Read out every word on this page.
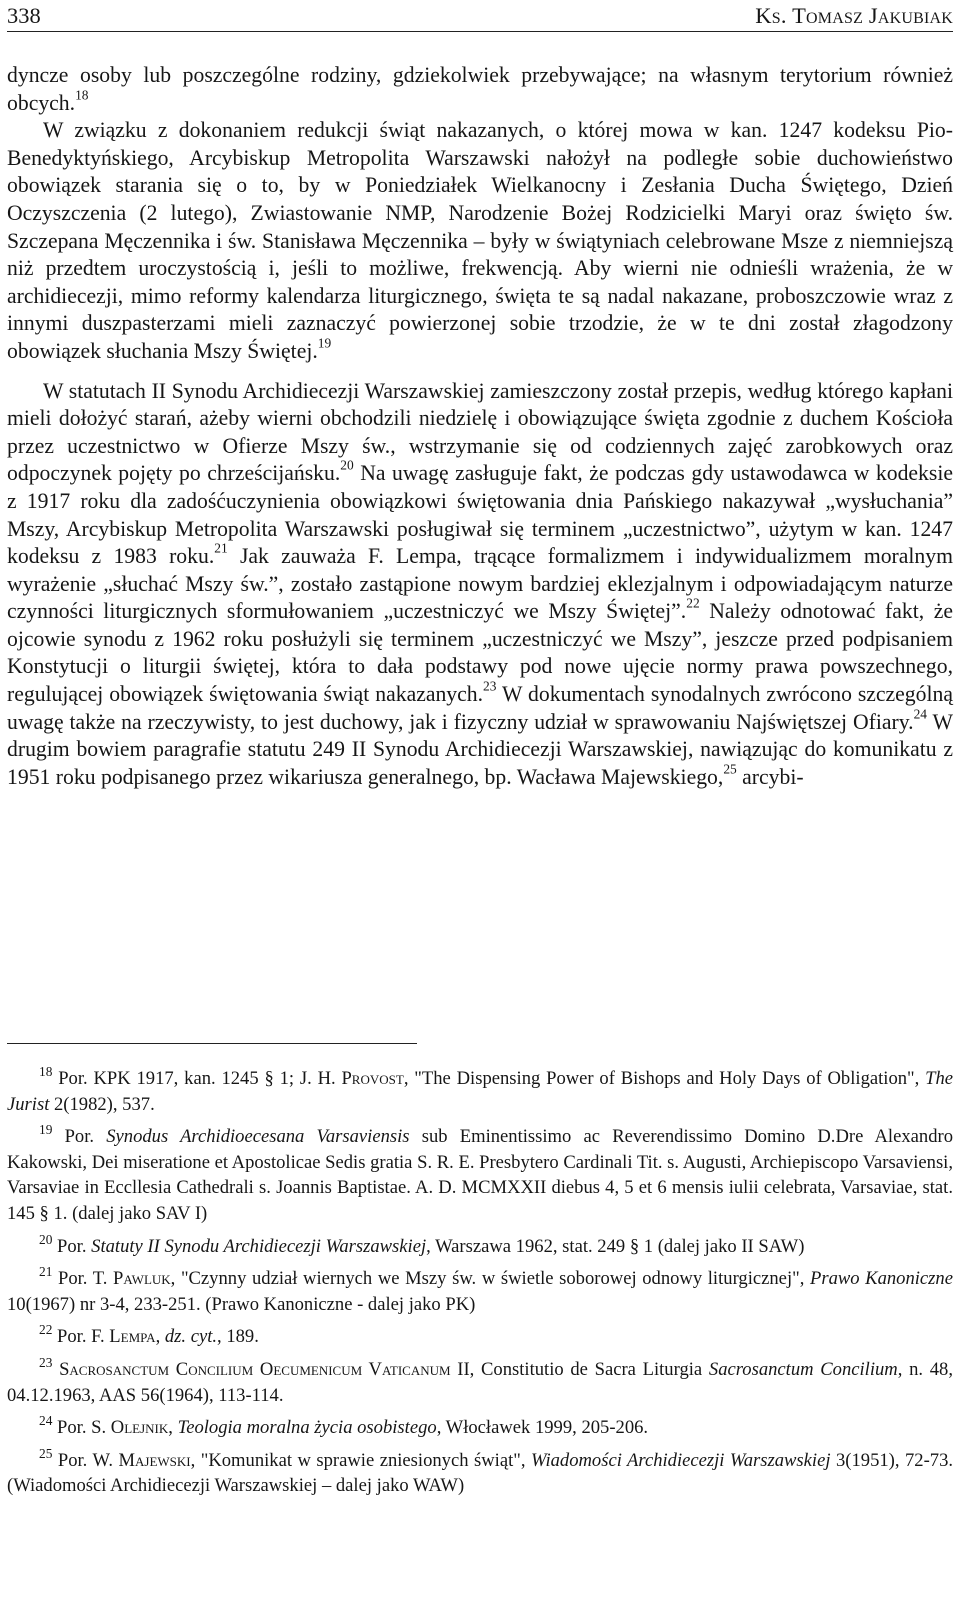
338	Ks. Tomasz Jakubiak

dyncze osoby lub poszczególne rodziny, gdziekolwiek przebywające; na własnym terytorium również obcych.$^{18}$

W związku z dokonaniem redukcji świąt nakazanych, o której mowa w kan. 1247 kodeksu Pio-Benedyktyńskiego, Arcybiskup Metropolita Warszawski nałożył na podległe sobie duchowieństwo obowiązek starania się o to, by w Poniedziałek Wielkanocny i Zesłania Ducha Świętego, Dzień Oczyszczenia (2 lutego), Zwiastowanie NMP, Narodzenie Bożej Rodzicielki Maryi oraz święto św. Szczepana Męczennika i św. Stanisława Męczennika – były w świątyniach celebrowane Msze z niemniejszą niż przedtem uroczystością i, jeśli to możliwe, frekwencją. Aby wierni nie odnieśli wrażenia, że w archidiecezji, mimo reformy kalendarza liturgicznego, święta te są nadal nakazane, proboszczowie wraz z innymi duszpasterzami mieli zaznaczyć powierzonej sobie trzodzie, że w te dni został złagodzony obowiązek słuchania Mszy Świętej.$^{19}$

W statutach II Synodu Archidiecezji Warszawskiej zamieszczony został przepis, według którego kapłani mieli dołożyć starań, ażeby wierni obchodzili niedzielę i obowiązujące święta zgodnie z duchem Kościoła przez uczestnictwo w Ofierze Mszy św., wstrzymanie się od codziennych zajęć zarobkowych oraz odpoczynek pojęty po chrześcijańsku.$^{20}$ Na uwagę zasługuje fakt, że podczas gdy ustawodawca w kodeksie z 1917 roku dla zadośćuczynienia obowiązkowi świętowania dnia Pańskiego nakazywał „wysłuchania” Mszy, Arcybiskup Metropolita Warszawski posługiwał się terminem „uczestnictwo”, użytym w kan. 1247 kodeksu z 1983 roku.$^{21}$ Jak zauważa F. Lempa, trącące formalizmem i indywidualizmem moralnym wyrażenie „słuchać Mszy św.”, zostało zastąpione nowym bardziej eklezjalnym i odpowiadającym naturze czynności liturgicznych sformułowaniem „uczestniczyć we Mszy Świętej”.$^{22}$ Należy odnotować fakt, że ojcowie synodu z 1962 roku posłużyli się terminem „uczestniczyć we Mszy”, jeszcze przed podpisaniem Konstytucji o liturgii świętej, która to dała podstawy pod nowe ujęcie normy prawa powszechnego, regulującej obowiązek świętowania świąt nakazanych.$^{23}$ W dokumentach synodalnych zwrócono szczególną uwagę także na rzeczywisty, to jest duchowy, jak i fizyczny udział w sprawowaniu Najświętszej Ofiary.$^{24}$ W drugim bowiem paragrafie statutu 249 II Synodu Archidiecezji Warszawskiej, nawiązując do komunikatu z 1951 roku podpisanego przez wikariusza generalnego, bp. Wacława Majewskiego,$^{25}$ arcybi-

$^{18}$ Por. KPK 1917, kan. 1245 § 1; J. H. Provost, "The Dispensing Power of Bishops and Holy Days of Obligation", The Jurist 2(1982), 537.

$^{19}$ Por. Synodus Archidioecesana Varsaviensis sub Eminentissimo ac Reverendissimo Domino D.Dre Alexandro Kakowski, Dei miseratione et Apostolicae Sedis gratia S. R. E. Presbytero Cardinali Tit. s. Augusti, Archiepiscopo Varsaviensi, Varsaviae in Eccllesia Cathedrali s. Joannis Baptistae. A. D. MCMXXII diebus 4, 5 et 6 mensis iulii celebrata, Varsaviae, stat. 145 § 1. (dalej jako SAV I)

$^{20}$ Por. Statuty II Synodu Archidiecezji Warszawskiej, Warszawa 1962, stat. 249 § 1 (dalej jako II SAW)

$^{21}$ Por. T. Pawluk, "Czynny udział wiernych we Mszy św. w świetle soborowej odnowy liturgicznej", Prawo Kanoniczne 10(1967) nr 3-4, 233-251. (Prawo Kanoniczne - dalej jako PK)

$^{22}$ Por. F. Lempa, dz. cyt., 189.

$^{23}$ Sacrosanctum Concilium Oecumenicum Vaticanum II, Constitutio de Sacra Liturgia Sacrosanctum Concilium, n. 48, 04.12.1963, AAS 56(1964), 113-114.

$^{24}$ Por. S. Olejnik, Teologia moralna życia osobistego, Włocławek 1999, 205-206.

$^{25}$ Por. W. Majewski, "Komunikat w sprawie zniesionych świąt", Wiadomości Archidiecezji Warszawskiej 3(1951), 72-73. (Wiadomości Archidiecezji Warszawskiej – dalej jako WAW)
